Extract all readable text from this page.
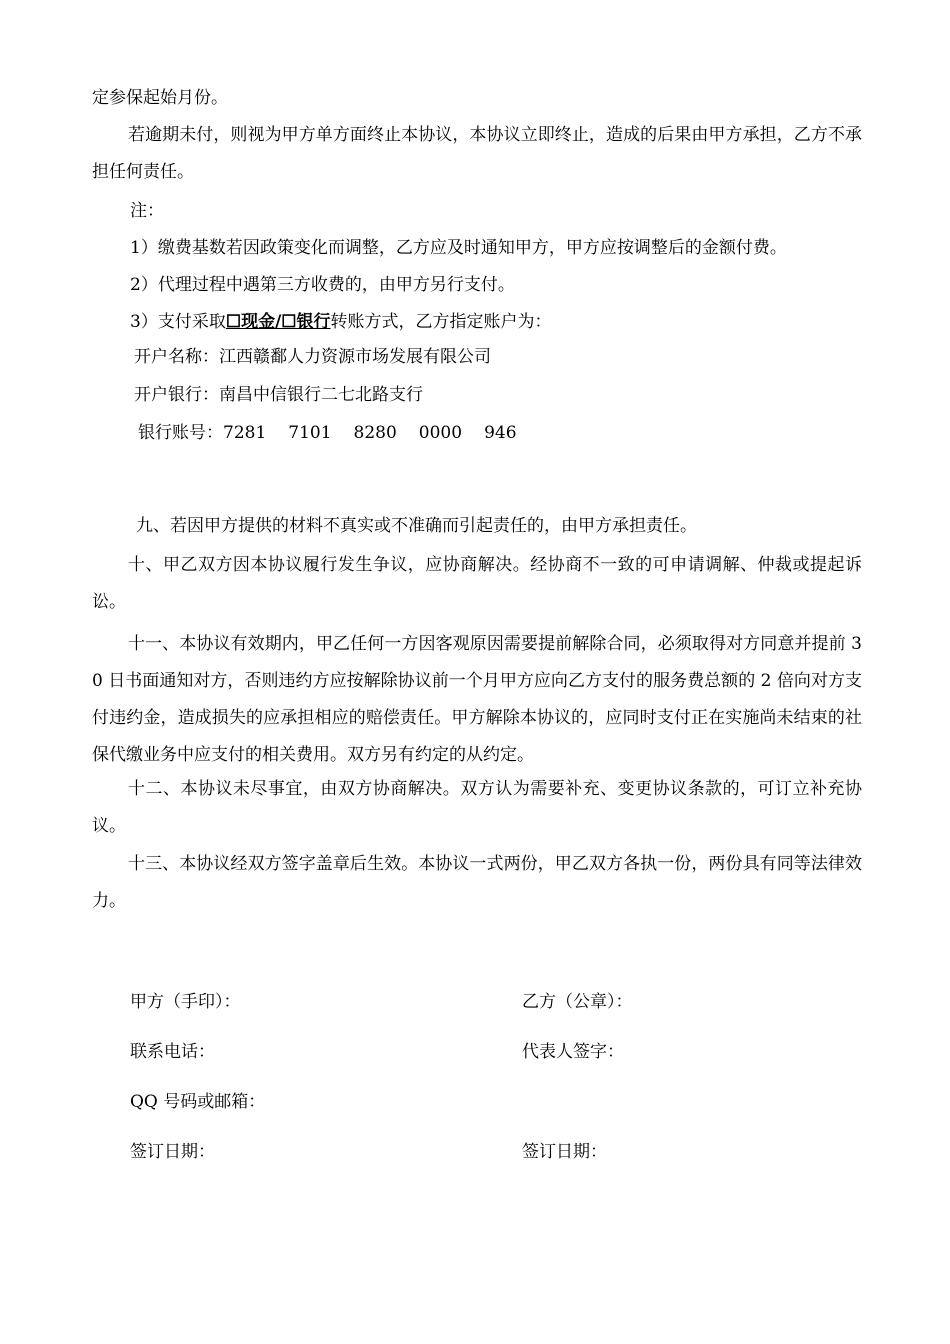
定参保起始月份。

若逾期未付，则视为甲方单方面终止本协议，本协议立即终止，造成的后果由甲方承担，乙方不承担任何责任。

注：

1）缴费基数若因政策变化而调整，乙方应及时通知甲方，甲方应按调整后的金额付费。

2）代理过程中遇第三方收费的，由甲方另行支付。

3）支付采取☐现金/☐银行转账方式，乙方指定账户为：

开户名称：江西赣鄱人力资源市场发展有限公司

开户银行：南昌中信银行二七北路支行

银行账号：7281 7101 8280 0000 946

九、若因甲方提供的材料不真实或不准确而引起责任的，由甲方承担责任。

十、甲乙双方因本协议履行发生争议，应协商解决。经协商不一致的可申请调解、仲裁或提起诉讼。

十一、本协议有效期内，甲乙任何一方因客观原因需要提前解除合同，必须取得对方同意并提前 30 日书面通知对方，否则违约方应按解除协议前一个月甲方应向乙方支付的服务费总额的 2 倍向对方支付违约金，造成损失的应承担相应的赔偿责任。甲方解除本协议的，应同时支付正在实施尚未结束的社保代缴业务中应支付的相关费用。双方另有约定的从约定。

十二、本协议未尽事宜，由双方协商解决。双方认为需要补充、变更协议条款的，可订立补充协议。

十三、本协议经双方签字盖章后生效。本协议一式两份，甲乙双方各执一份，两份具有同等法律效力。

甲方（手印）：	乙方（公章）：

联系电话：	代表人签字：

QQ 号码或邮箱：

签订日期：	签订日期：
